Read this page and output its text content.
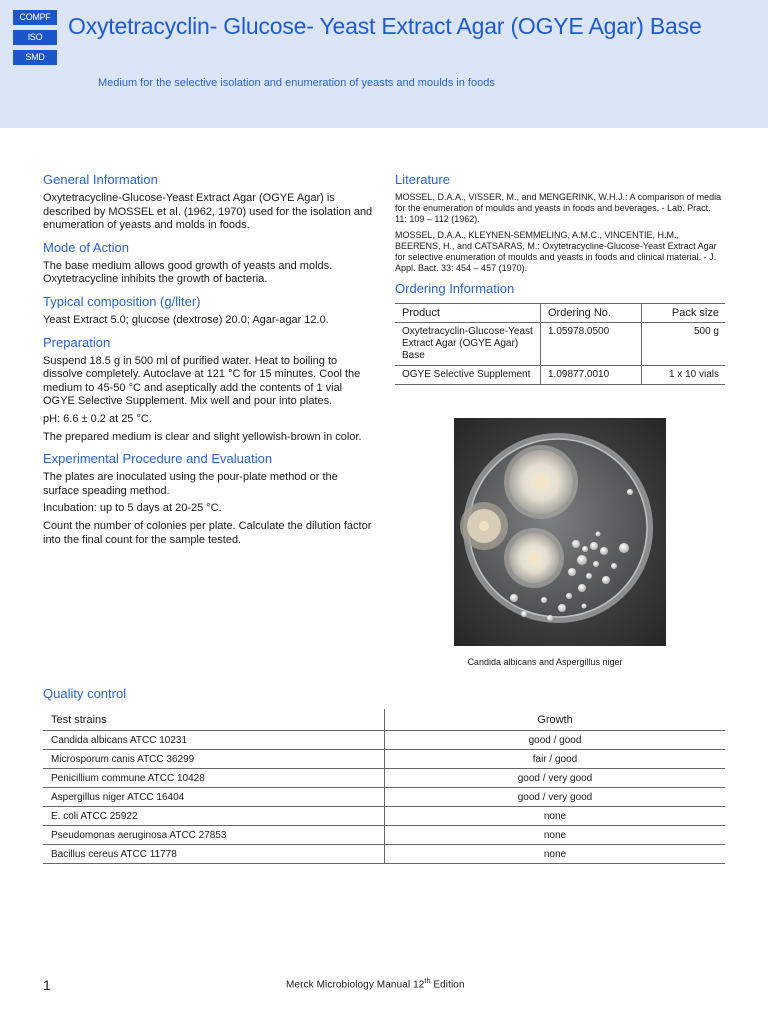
COMPF
ISO
SMD
Oxytetracyclin- Glucose- Yeast Extract Agar (OGYE Agar) Base
Medium for the selective isolation and enumeration of yeasts and moulds in foods
General Information

Oxytetracycline-Glucose-Yeast Extract Agar (OGYE Agar) is described by MOSSEL et al. (1962, 1970) used for the isolation and enumeration of yeasts and molds in foods.

Mode of Action

The base medium allows good growth of yeasts and molds. Oxytetracycline inhibits the growth of bacteria.

Typical composition (g/liter)

Yeast Extract 5.0; glucose (dextrose) 20.0; Agar-agar 12.0.

Preparation

Suspend 18.5 g in 500 ml of purified water. Heat to boiling to dissolve completely. Autoclave at 121 °C for 15 minutes. Cool the medium to 45-50 °C and aseptically add the contents of 1 vial OGYE Selective Supplement. Mix well and pour into plates.

pH: 6.6 ± 0.2 at 25 °C.

The prepared medium is clear and slight yellowish-brown in color.

Experimental Procedure and Evaluation

The plates are inoculated using the pour-plate method or the surface speading method.

Incubation: up to 5 days at 20-25 °C.

Count the number of colonies per plate. Calculate the dilution factor into the final count for the sample tested.

Literature

MOSSEL, D.A.A., VISSER, M., and MENGERINK, W.H.J.: A comparison of media for the enumeration of moulds and yeasts in foods and beverages. - Lab. Pract. 11: 109 – 112 (1962).

MOSSEL, D.A.A., KLEYNEN-SEMMELING, A.M.C., VINCENTIE, H.M., BEERENS, H., and CATSARAS, M.: Oxytetracycline-Glucose-Yeast Extract Agar for selective enumeration of moulds and yeasts in foods and clinical material. - J. Appl. Bact. 33: 454 – 457 (1970).

Ordering Information
Product	Ordering No.	Pack size
Oxytetracyclin-Glucose-Yeast Extract Agar (OGYE Agar) Base	1.05978.0500	500 g
OGYE Selective Supplement	1.09877.0010	1 x 10 vials
Candida albicans and Aspergillus niger
Quality control
Test strains	Growth
Candida albicans ATCC 10231	good / good
Microsporum canis ATCC 36299	fair / good
Penicillium commune ATCC 10428	good / very good
Aspergillus niger ATCC 16404	good / very good
E. coli ATCC 25922	none
Pseudomonas aeruginosa ATCC 27853	none
Bacillus cereus ATCC 11778	none
1	Merck Microbiology Manual 12th Edition
